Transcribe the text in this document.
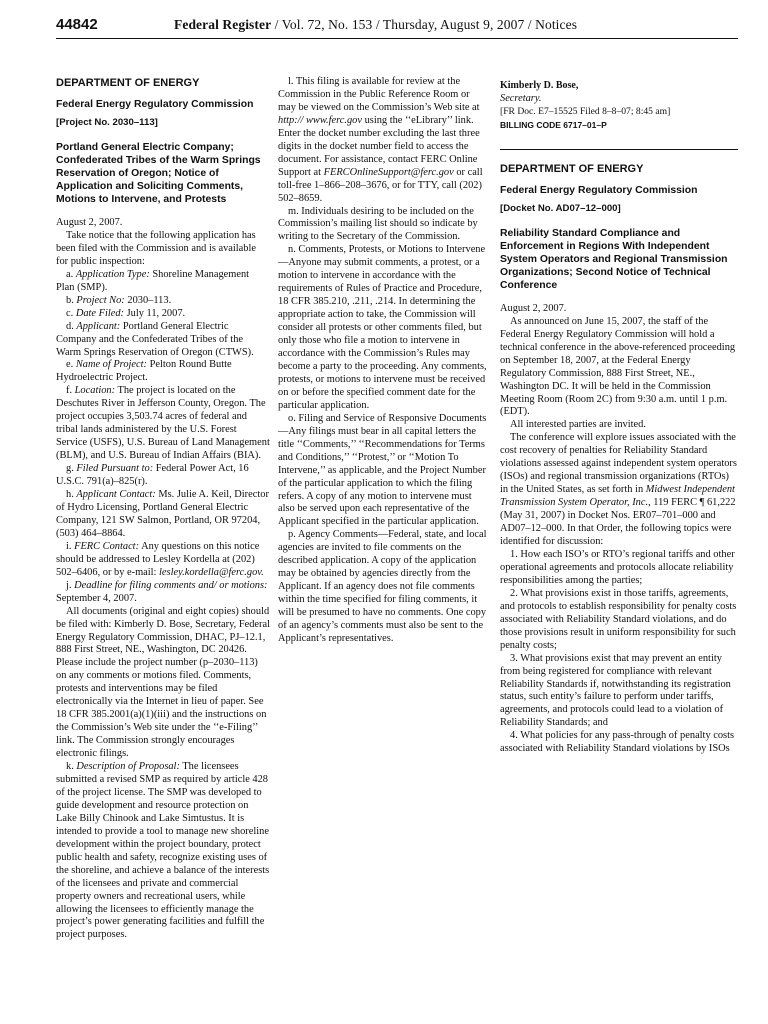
44842	Federal Register / Vol. 72, No. 153 / Thursday, August 9, 2007 / Notices
DEPARTMENT OF ENERGY
Federal Energy Regulatory Commission
[Project No. 2030–113]
Portland General Electric Company; Confederated Tribes of the Warm Springs Reservation of Oregon; Notice of Application and Soliciting Comments, Motions to Intervene, and Protests

August 2, 2007.

Take notice that the following application has been filed with the Commission and is available for public inspection:

a. Application Type: Shoreline Management Plan (SMP).

b. Project No: 2030–113.

c. Date Filed: July 11, 2007.

d. Applicant: Portland General Electric Company and the Confederated Tribes of the Warm Springs Reservation of Oregon (CTWS).

e. Name of Project: Pelton Round Butte Hydroelectric Project.

f. Location: The project is located on the Deschutes River in Jefferson County, Oregon. The project occupies 3,503.74 acres of federal and tribal lands administered by the U.S. Forest Service (USFS), U.S. Bureau of Land Management (BLM), and U.S. Bureau of Indian Affairs (BIA).

g. Filed Pursuant to: Federal Power Act, 16 U.S.C. 791(a)–825(r).

h. Applicant Contact: Ms. Julie A. Keil, Director of Hydro Licensing, Portland General Electric Company, 121 SW Salmon, Portland, OR 97204, (503) 464–8864.

i. FERC Contact: Any questions on this notice should be addressed to Lesley Kordella at (202) 502–6406, or by e-mail: lesley.kordella@ferc.gov.

j. Deadline for filing comments and/ or motions: September 4, 2007.

All documents (original and eight copies) should be filed with: Kimberly D. Bose, Secretary, Federal Energy Regulatory Commission, DHAC, PJ–12.1, 888 First Street, NE., Washington, DC 20426. Please include the project number (p–2030–113) on any comments or motions filed. Comments, protests and interventions may be filed electronically via the Internet in lieu of paper. See 18 CFR 385.2001(a)(1)(iii) and the instructions on the Commission’s Web site under the ‘‘e-Filing’’ link. The Commission strongly encourages electronic filings.

k. Description of Proposal: The licensees submitted a revised SMP as required by article 428 of the project license. The SMP was developed to guide development and resource protection on Lake Billy Chinook and Lake Simtustus. It is intended to provide a tool to manage new shoreline development within the project boundary, protect public health and safety, recognize existing uses of the shoreline, and achieve a balance of the interests of the licensees and private and commercial property owners and recreational users, while allowing the licensees to efficiently manage the project’s power generating facilities and fulfill the project purposes.

l. This filing is available for review at the Commission in the Public Reference Room or may be viewed on the Commission’s Web site at http:// www.ferc.gov using the ‘‘eLibrary’’ link. Enter the docket number excluding the last three digits in the docket number field to access the document. For assistance, contact FERC Online Support at FERCOnlineSupport@ferc.gov or call toll-free 1–866–208–3676, or for TTY, call (202) 502–8659.

m. Individuals desiring to be included on the Commission’s mailing list should so indicate by writing to the Secretary of the Commission.

n. Comments, Protests, or Motions to Intervene—Anyone may submit comments, a protest, or a motion to intervene in accordance with the requirements of Rules of Practice and Procedure, 18 CFR 385.210, .211, .214. In determining the appropriate action to take, the Commission will consider all protests or other comments filed, but only those who file a motion to intervene in accordance with the Commission’s Rules may become a party to the proceeding. Any comments, protests, or motions to intervene must be received on or before the specified comment date for the particular application.

o. Filing and Service of Responsive Documents—Any filings must bear in all capital letters the title ‘‘Comments,’’ ‘‘Recommendations for Terms and Conditions,’’ ‘‘Protest,’’ or ‘‘Motion To Intervene,’’ as applicable, and the Project Number of the particular application to which the filing refers. A copy of any motion to intervene must also be served upon each representative of the Applicant specified in the particular application.

p. Agency Comments—Federal, state, and local agencies are invited to file comments on the described application. A copy of the application may be obtained by agencies directly from the Applicant. If an agency does not file comments within the time specified for filing comments, it will be presumed to have no comments. One copy of an agency’s comments must also be sent to the Applicant’s representatives.

Kimberly D. Bose,
Secretary.
[FR Doc. E7–15525 Filed 8–8–07; 8:45 am]
BILLING CODE 6717–01–P
DEPARTMENT OF ENERGY
Federal Energy Regulatory Commission
[Docket No. AD07–12–000]
Reliability Standard Compliance and Enforcement in Regions With Independent System Operators and Regional Transmission Organizations; Second Notice of Technical Conference

August 2, 2007.

As announced on June 15, 2007, the staff of the Federal Energy Regulatory Commission will hold a technical conference in the above-referenced proceeding on September 18, 2007, at the Federal Energy Regulatory Commission, 888 First Street, NE., Washington DC. It will be held in the Commission Meeting Room (Room 2C) from 9:30 a.m. until 1 p.m. (EDT).

All interested parties are invited.

The conference will explore issues associated with the cost recovery of penalties for Reliability Standard violations assessed against independent system operators (ISOs) and regional transmission organizations (RTOs) in the United States, as set forth in Midwest Independent Transmission System Operator, Inc., 119 FERC ¶ 61,222 (May 31, 2007) in Docket Nos. ER07–701–000 and AD07–12–000. In that Order, the following topics were identified for discussion:

1. How each ISO’s or RTO’s regional tariffs and other operational agreements and protocols allocate reliability responsibilities among the parties;

2. What provisions exist in those tariffs, agreements, and protocols to establish responsibility for penalty costs associated with Reliability Standard violations, and do those provisions result in uniform responsibility for such penalty costs;

3. What provisions exist that may prevent an entity from being registered for compliance with relevant Reliability Standards if, notwithstanding its registration status, such entity’s failure to perform under tariffs, agreements, and protocols could lead to a violation of Reliability Standards; and

4. What policies for any pass-through of penalty costs associated with Reliability Standard violations by ISOs
